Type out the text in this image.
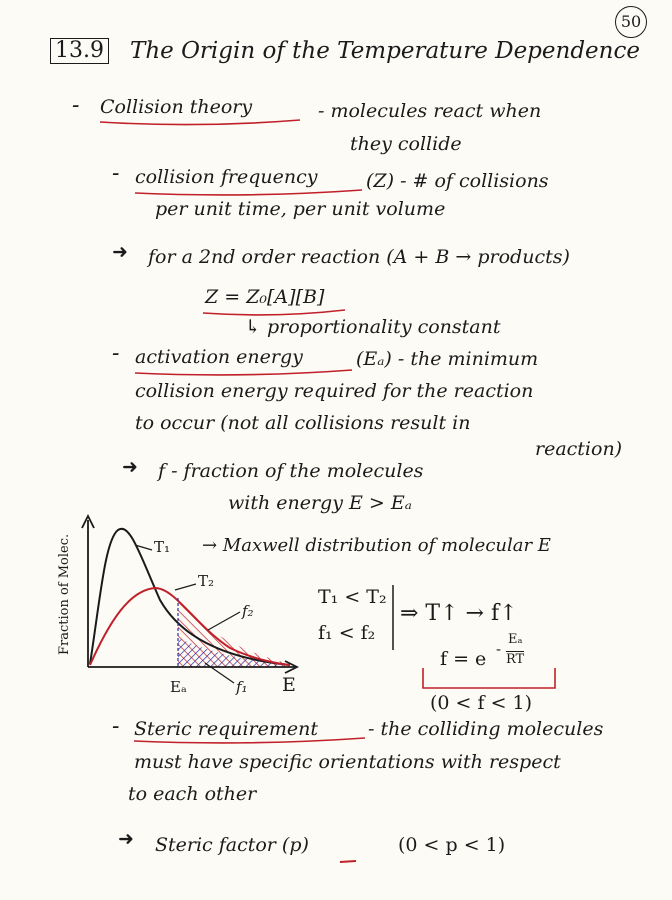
50
13.9 The Origin of the Temperature Dependence
- Collision theory	- molecules react when
they collide
- collision frequency	(Z) - # of collisions
per unit time, per unit volume
➜ for a 2nd order reaction (A + B → products)
Z = Z₀[A][B]
↳ proportionality constant
- activation energy	(Eₐ) - the minimum
collision energy required for the reaction
to occur (not all collisions result in
reaction)
➜ f - fraction of the molecules
with energy E > Eₐ
Fraction of Molec.
E
Eₐ
T₁
T₂
f₂
f₁
→ Maxwell distribution of molecular E
T₁ < T₂
f₁ < f₂
⇒ T↑ → f↑
f = e -
Eₐ
RT
(0 < f < 1)
- Steric requirement	- the colliding molecules
must have specific orientations with respect
to each other
➜ Steric factor (p)	(0 < p < 1)
